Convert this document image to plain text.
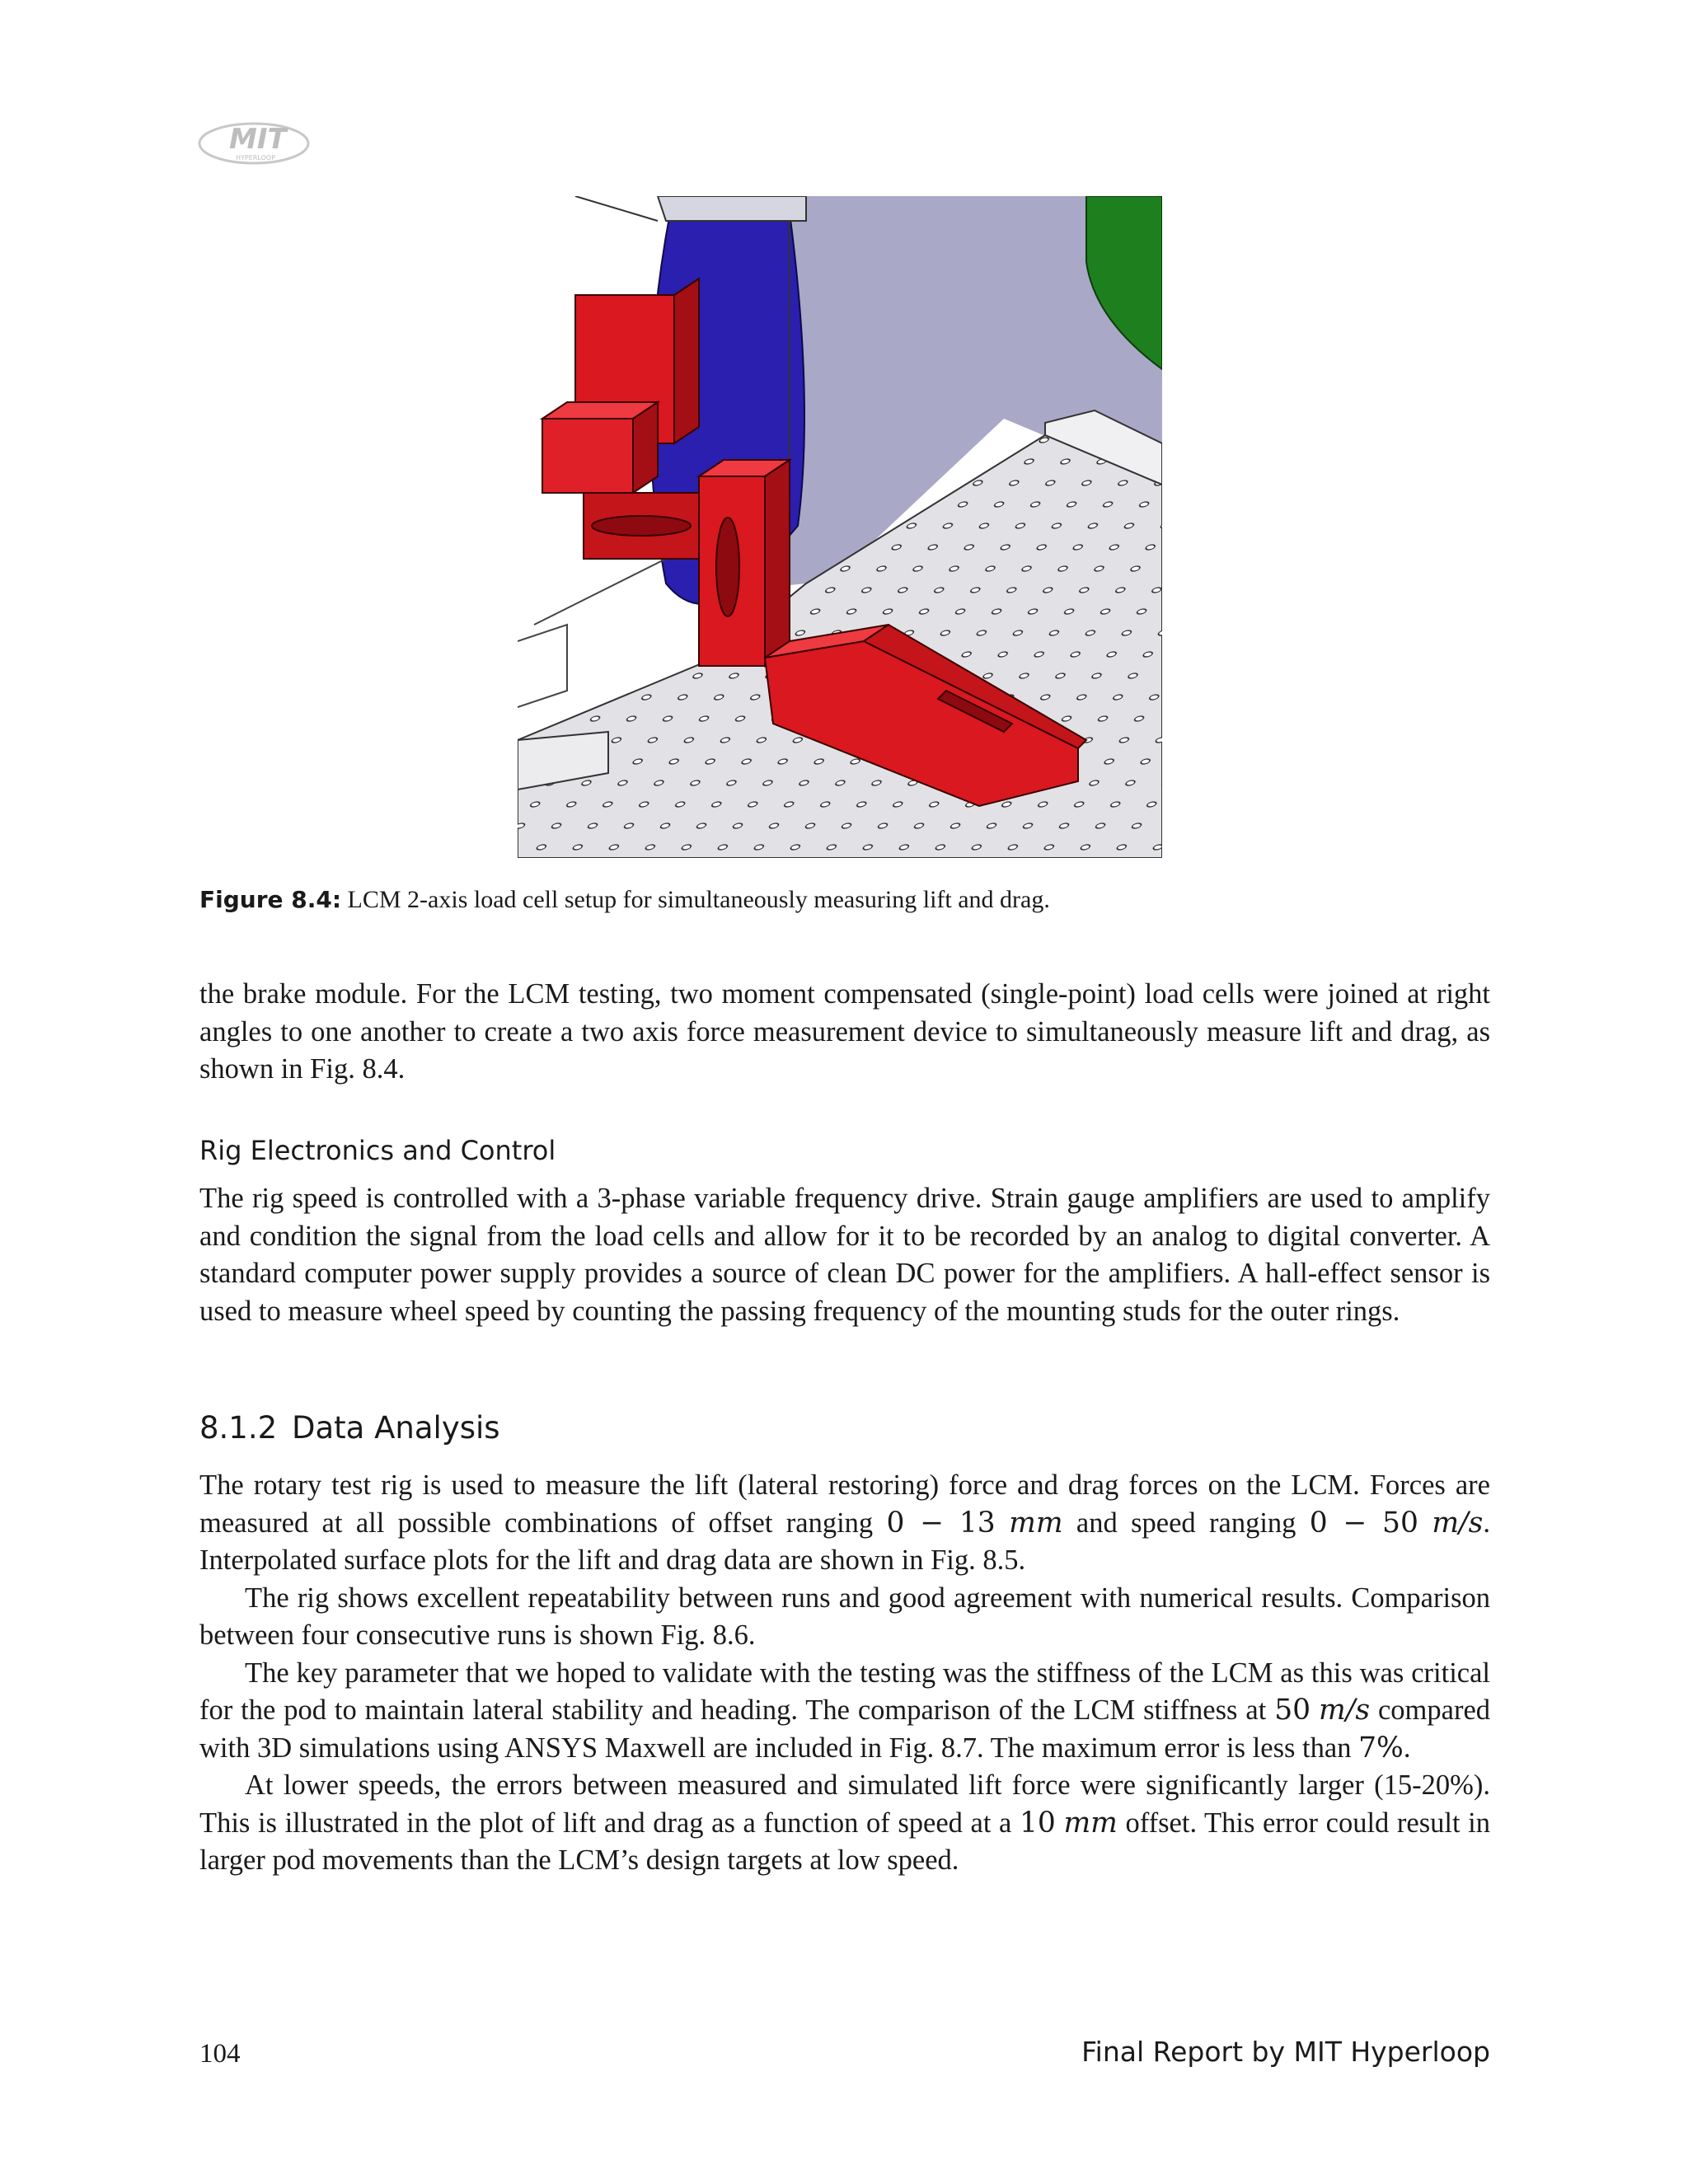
MIT
HYPERLOOP
Figure 8.4: LCM 2-axis load cell setup for simultaneously measuring lift and drag.

the brake module. For the LCM testing, two moment compensated (single-point) load cells were joined at right angles to one another to create a two axis force measurement device to simultaneously measure lift and drag, as shown in Fig. 8.4.

Rig Electronics and Control

The rig speed is controlled with a 3-phase variable frequency drive. Strain gauge amplifiers are used to amplify and condition the signal from the load cells and allow for it to be recorded by an analog to digital converter. A standard computer power supply provides a source of clean DC power for the amplifiers. A hall-effect sensor is used to measure wheel speed by counting the passing frequency of the mounting studs for the outer rings.

8.1.2 Data Analysis

The rotary test rig is used to measure the lift (lateral restoring) force and drag forces on the LCM. Forces are measured at all possible combinations of offset ranging 0 − 13 mm and speed ranging 0 − 50 m/s. Interpolated surface plots for the lift and drag data are shown in Fig. 8.5.

The rig shows excellent repeatability between runs and good agreement with numerical results. Comparison between four consecutive runs is shown Fig. 8.6.

The key parameter that we hoped to validate with the testing was the stiffness of the LCM as this was critical for the pod to maintain lateral stability and heading. The comparison of the LCM stiffness at 50 m/s compared with 3D simulations using ANSYS Maxwell are included in Fig. 8.7. The maximum error is less than 7%.

At lower speeds, the errors between measured and simulated lift force were significantly larger (15-20%). This is illustrated in the plot of lift and drag as a function of speed at a 10 mm offset. This error could result in larger pod movements than the LCM’s design targets at low speed.

104	Final Report by MIT Hyperloop
